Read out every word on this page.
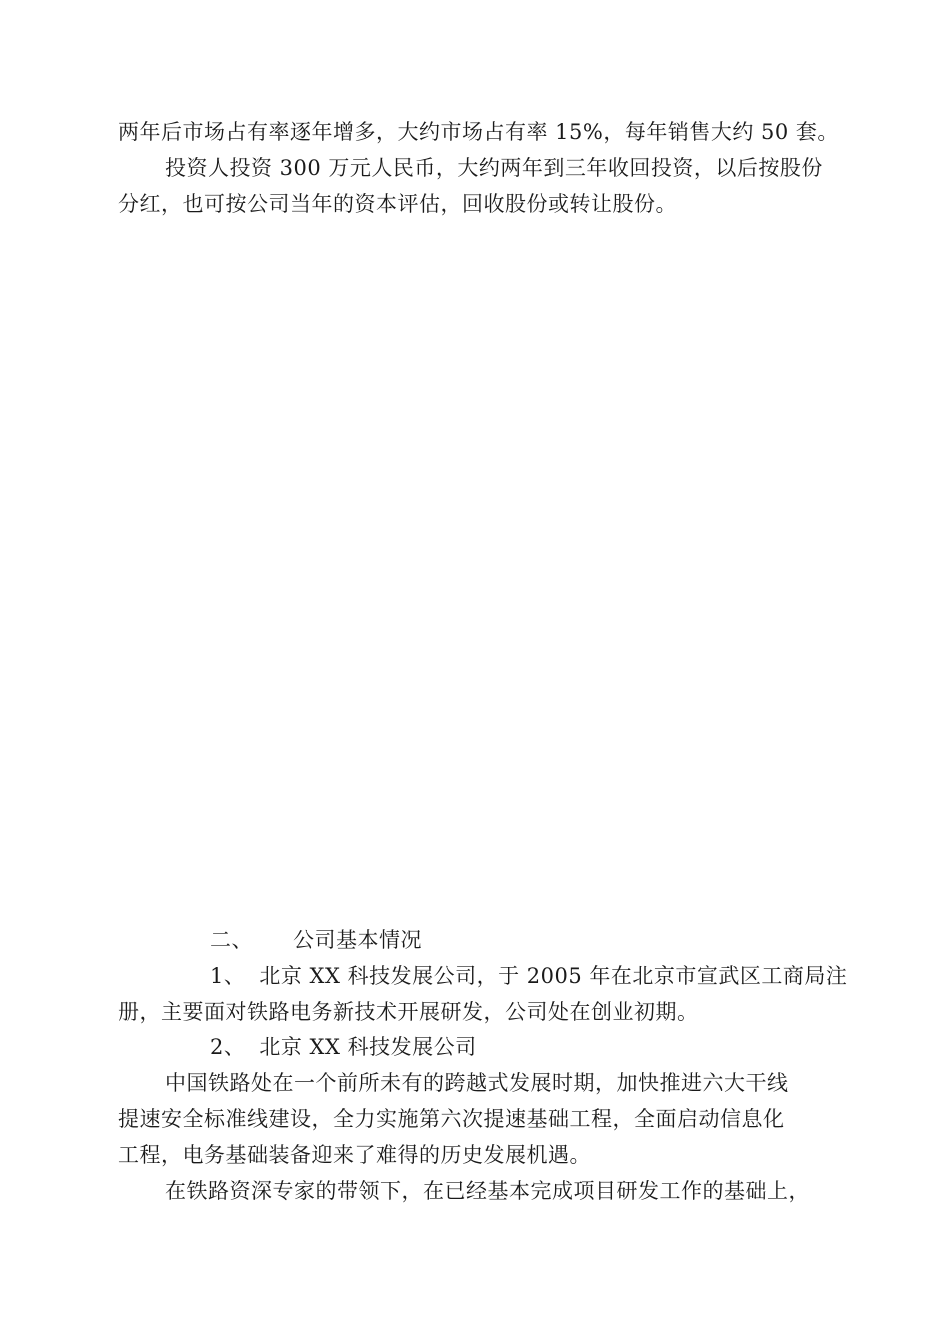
两年后市场占有率逐年增多，大约市场占有率 15%，每年销售大约 50 套。
投资人投资 300 万元人民币，大约两年到三年收回投资，以后按股份
分红，也可按公司当年的资本评估，回收股份或转让股份。
二、 公司基本情况
1、 北京 XX 科技发展公司，于 2005 年在北京市宣武区工商局注
册，主要面对铁路电务新技术开展研发，公司处在创业初期。
2、 北京 XX 科技发展公司
中国铁路处在一个前所未有的跨越式发展时期，加快推进六大干线
提速安全标准线建设，全力实施第六次提速基础工程，全面启动信息化
工程，电务基础装备迎来了难得的历史发展机遇。
在铁路资深专家的带领下，在已经基本完成项目研发工作的基础上，
